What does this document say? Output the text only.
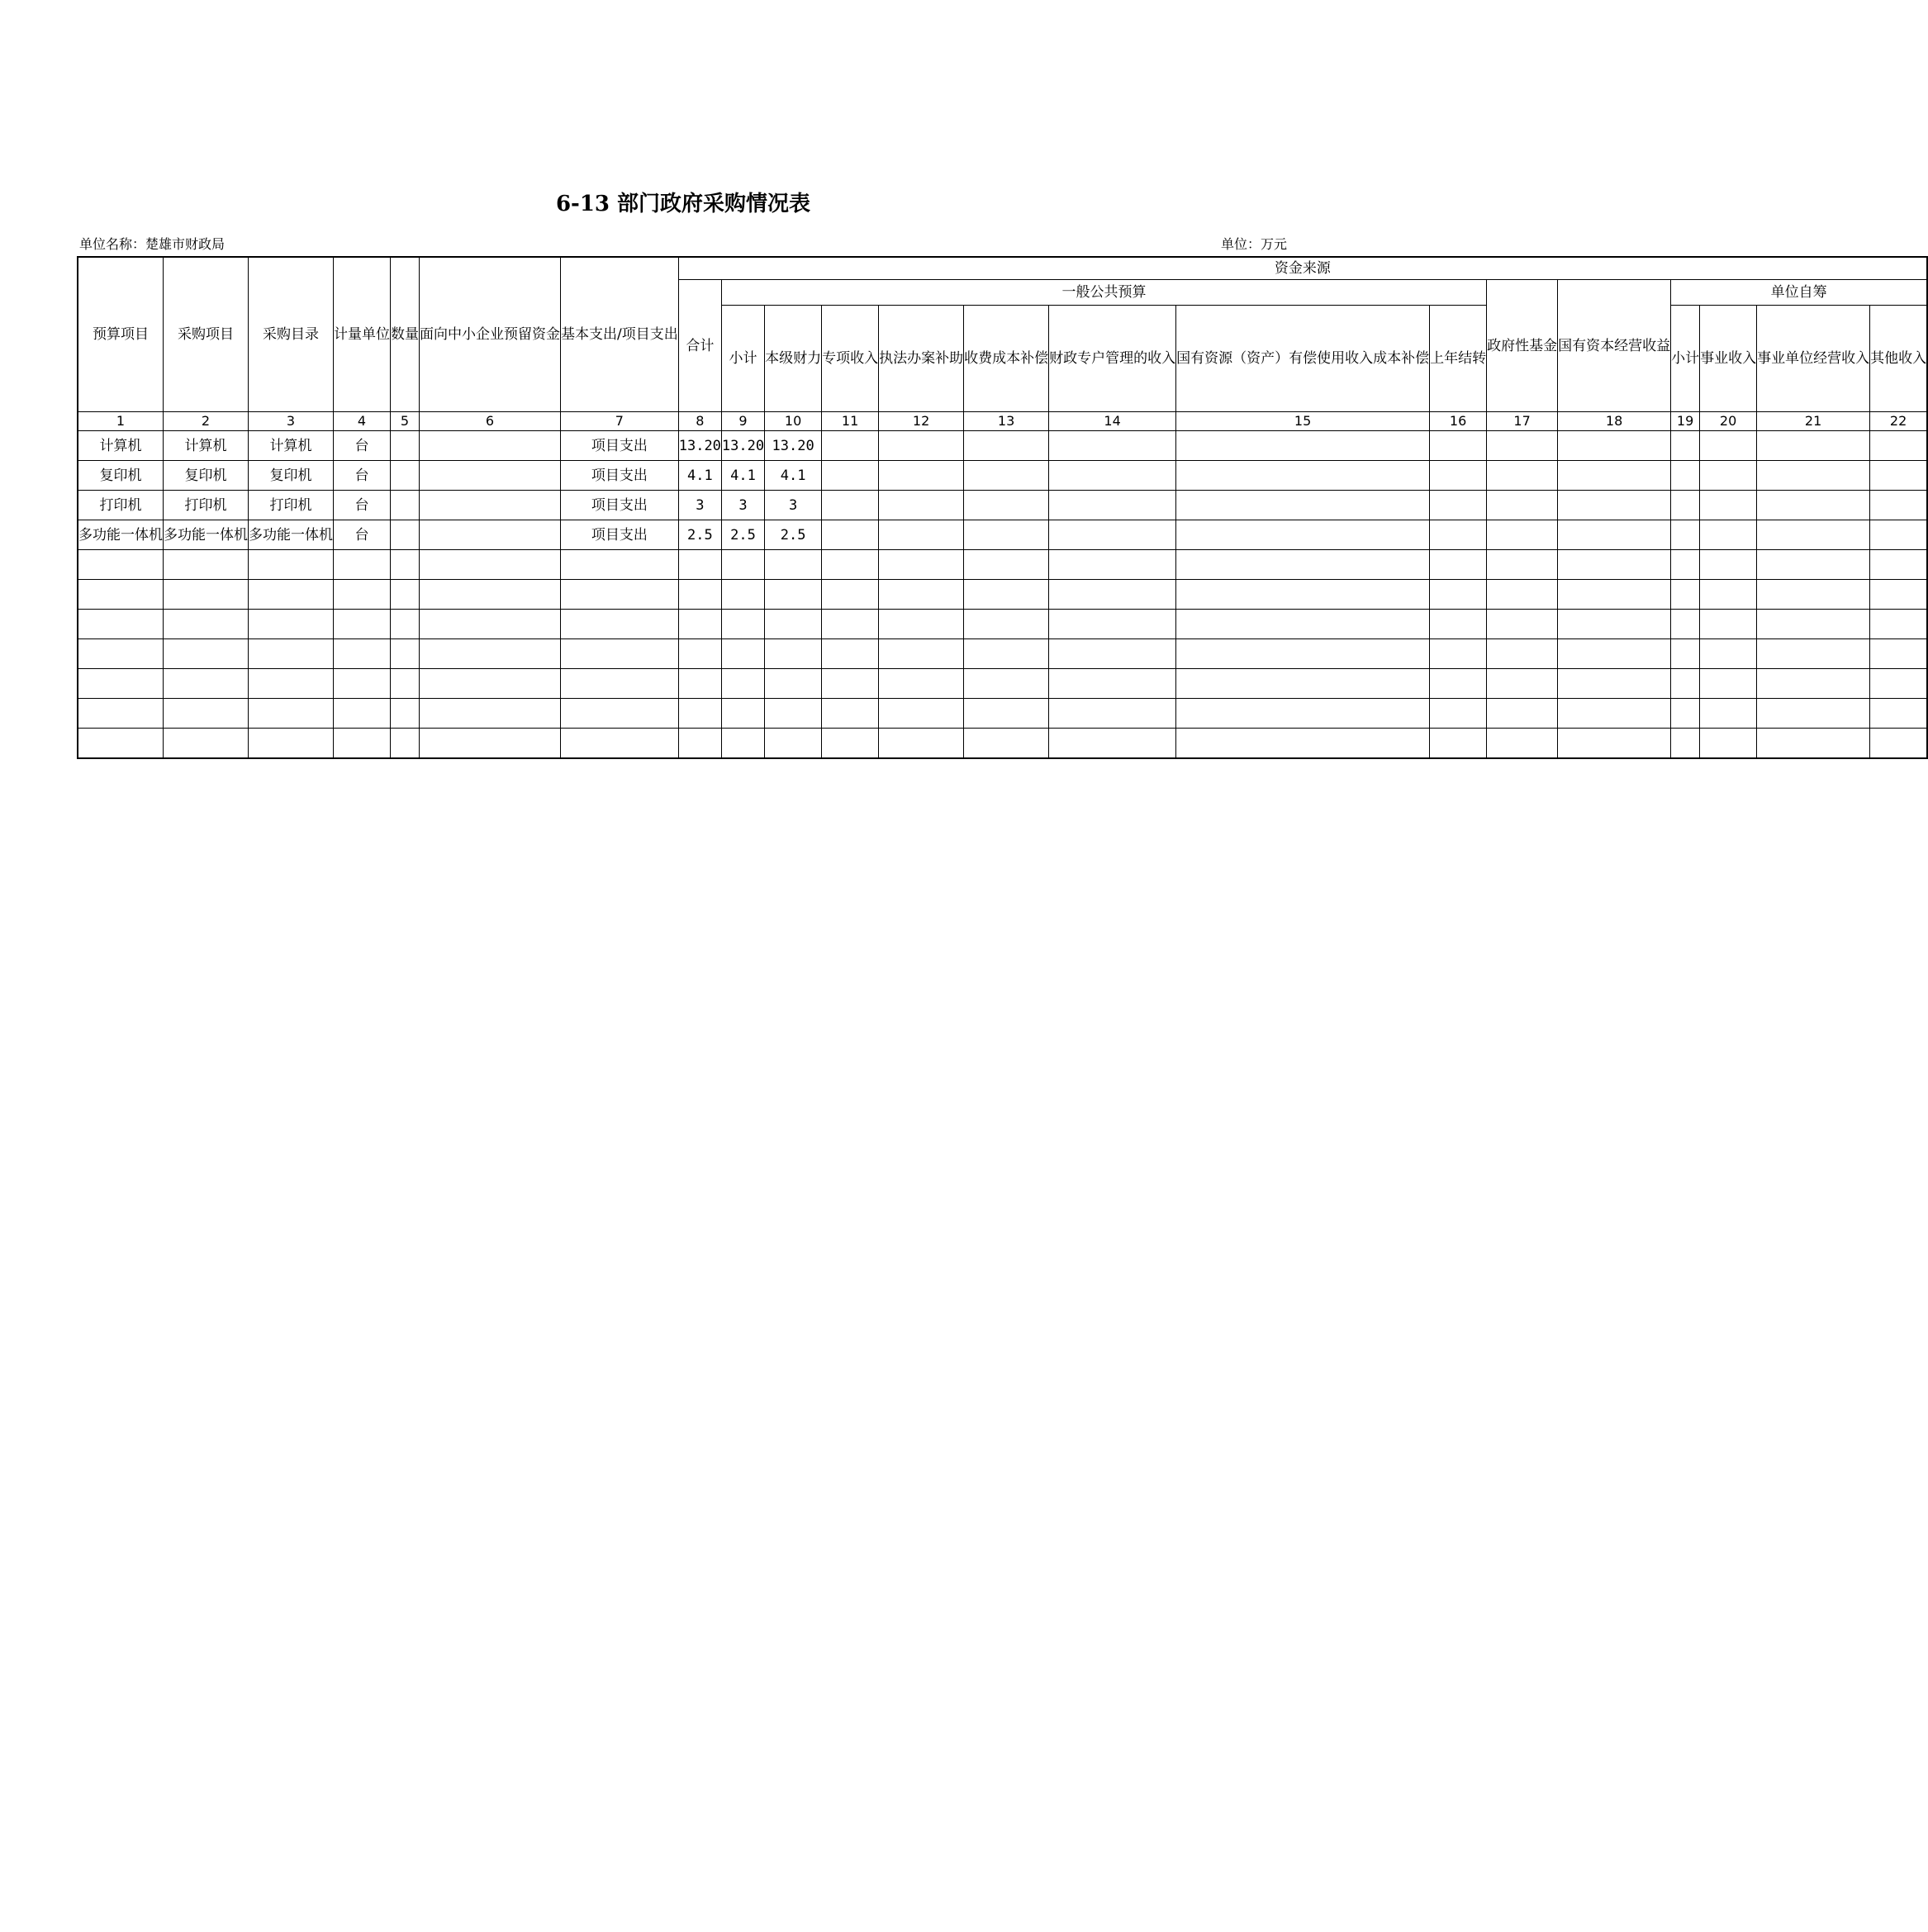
6-13 部门政府采购情况表
单位名称：楚雄市财政局	单位：万元
预算项目	采购项目	采购目录	计量单位	数量	面向中小企业预留资金	基本支出/项目支出	资金来源														
							合计	一般公共预算								政府性基金	国有资本经营收益	单位自筹			
								小计	本级财力	专项收入	执法办案补助	收费成本补偿	财政专户管理的收入	国有资源（资产）有偿使用收入成本补偿	上年结转			小计	事业收入	事业单位经营收入	其他收入
1	2	3	4	5	6	7	8	9	10	11	12	13	14	15	16	17	18	19	20	21	22
计算机	计算机	计算机	台			项目支出	13.20	13.20	13.20												
复印机	复印机	复印机	台			项目支出	4.1	4.1	4.1												
打印机	打印机	打印机	台			项目支出	3	3	3												
多功能一体机	多功能一体机	多功能一体机	台			项目支出	2.5	2.5	2.5												
